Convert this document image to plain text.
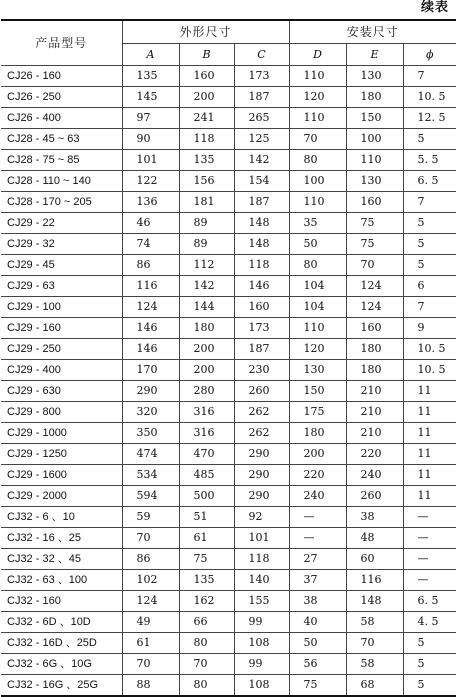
续表
产品型号	外形尺寸			安装尺寸		
	A	B	C	D	E	ϕ
CJ26 - 160	135	160	173	110	130	7
CJ26 - 250	145	200	187	120	180	10. 5
CJ26 - 400	97	241	265	110	150	12. 5
CJ28 - 45 ~ 63	90	118	125	70	100	5
CJ28 - 75 ~ 85	101	135	142	80	110	5. 5
CJ28 - 110 ~ 140	122	156	154	100	130	6. 5
CJ28 - 170 ~ 205	136	181	187	110	160	7
CJ29 - 22	46	89	148	35	75	5
CJ29 - 32	74	89	148	50	75	5
CJ29 - 45	86	112	118	80	70	5
CJ29 - 63	116	142	146	104	124	6
CJ29 - 100	124	144	160	104	124	7
CJ29 - 160	146	180	173	110	160	9
CJ29 - 250	146	200	187	120	180	10. 5
CJ29 - 400	170	200	230	130	180	10. 5
CJ29 - 630	290	280	260	150	210	11
CJ29 - 800	320	316	262	175	210	11
CJ29 - 1000	350	316	262	180	210	11
CJ29 - 1250	474	470	290	200	220	11
CJ29 - 1600	534	485	290	220	240	11
CJ29 - 2000	594	500	290	240	260	11
CJ32 - 6 、10	59	51	92	—	38	—
CJ32 - 16 、25	70	61	101	—	48	—
CJ32 - 32 、45	86	75	118	27	60	—
CJ32 - 63 、100	102	135	140	37	116	—
CJ32 - 160	124	162	155	38	148	6. 5
CJ32 - 6D 、10D	49	66	99	40	58	4. 5
CJ32 - 16D 、25D	61	80	108	50	70	5
CJ32 - 6G 、10G	70	70	99	56	58	5
CJ32 - 16G 、25G	88	80	108	75	68	5
